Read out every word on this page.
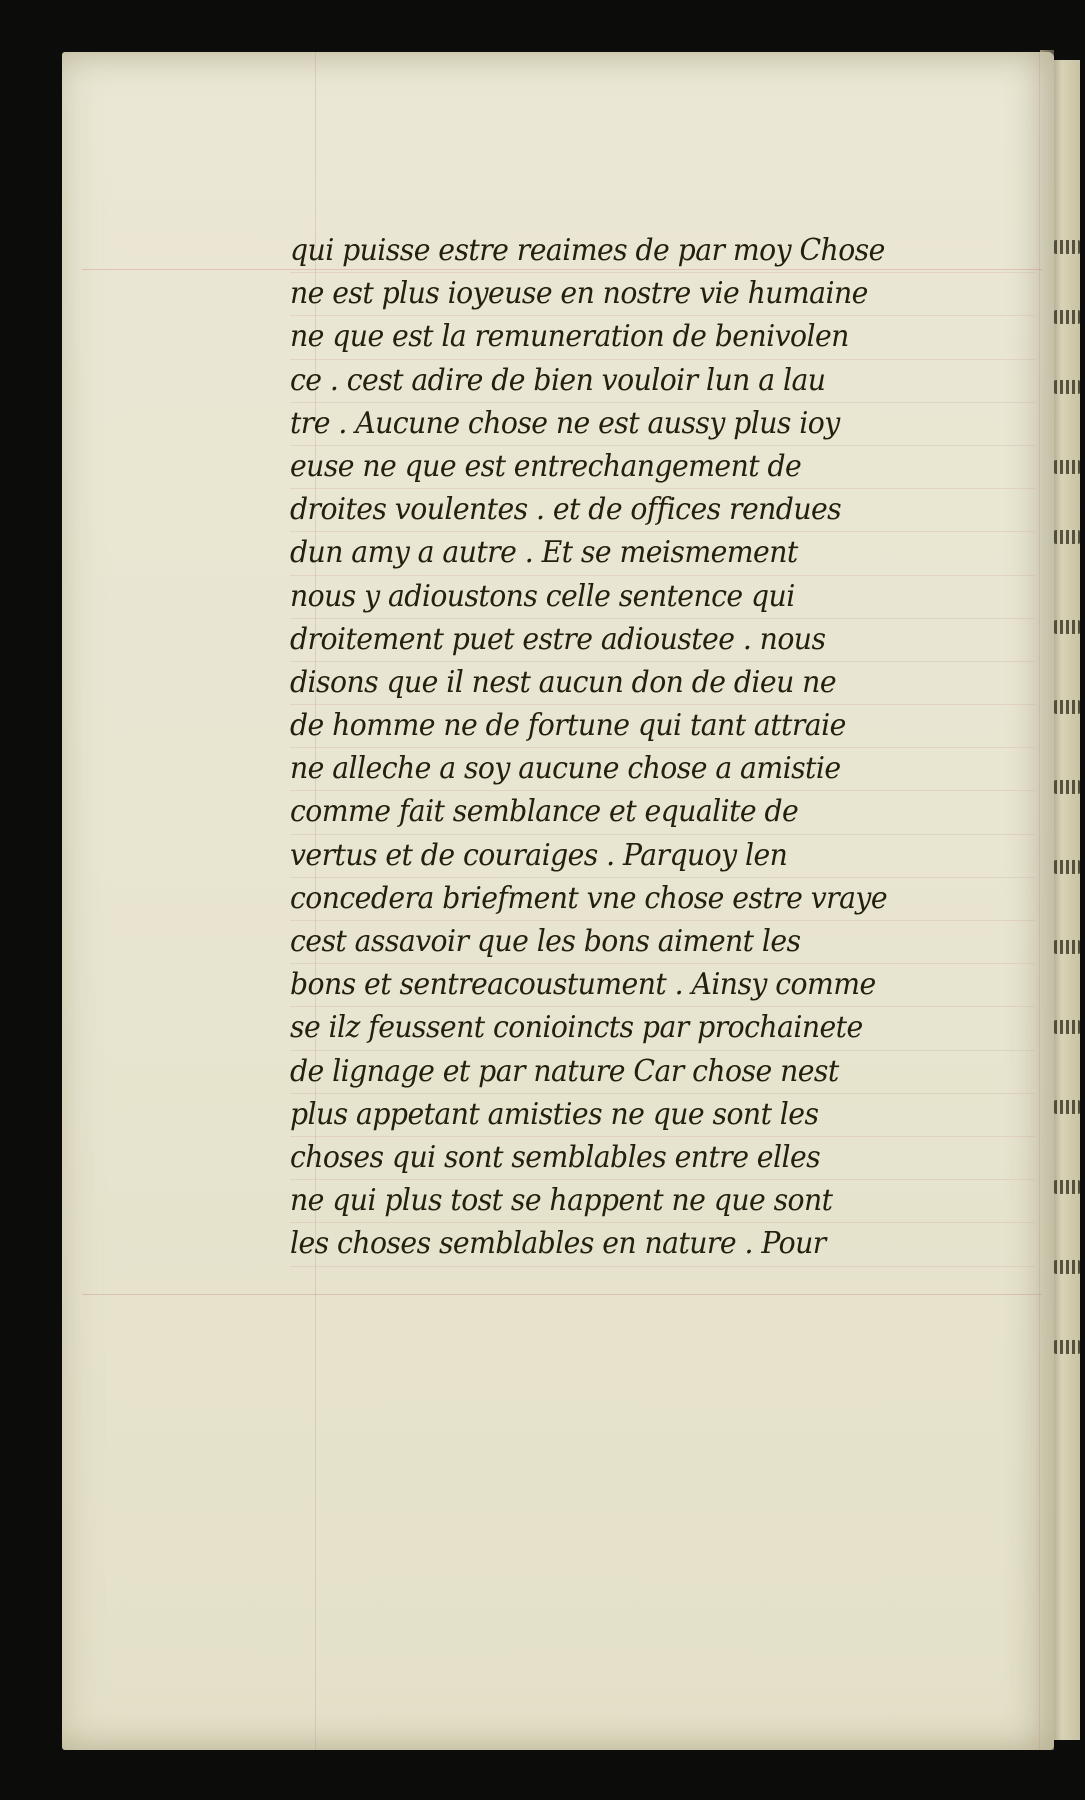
qui puisse estre reaimes de par moy Chose
ne est plus ioyeuse en nostre vie humaine
ne que est la remuneration de benivolen
ce . cest adire de bien vouloir lun a lau
tre . Aucune chose ne est aussy plus ioy
euse ne que est entrechangement de
droites voulentes . et de offices rendues
dun amy a autre . Et se meismement
nous y adioustons celle sentence qui
droitement puet estre adioustee . nous
disons que il nest aucun don de dieu ne
de homme ne de fortune qui tant attraie
ne alleche a soy aucune chose a amistie
comme fait semblance et equalite de
vertus et de couraiges . Parquoy len
concedera briefment vne chose estre vraye
cest assavoir que les bons aiment les
bons et sentreacoustument . Ainsy comme
se ilz feussent conioincts par prochainete
de lignage et par nature Car chose nest
plus appetant amisties ne que sont les
choses qui sont semblables entre elles
ne qui plus tost se happent ne que sont
les choses semblables en nature . Pour
